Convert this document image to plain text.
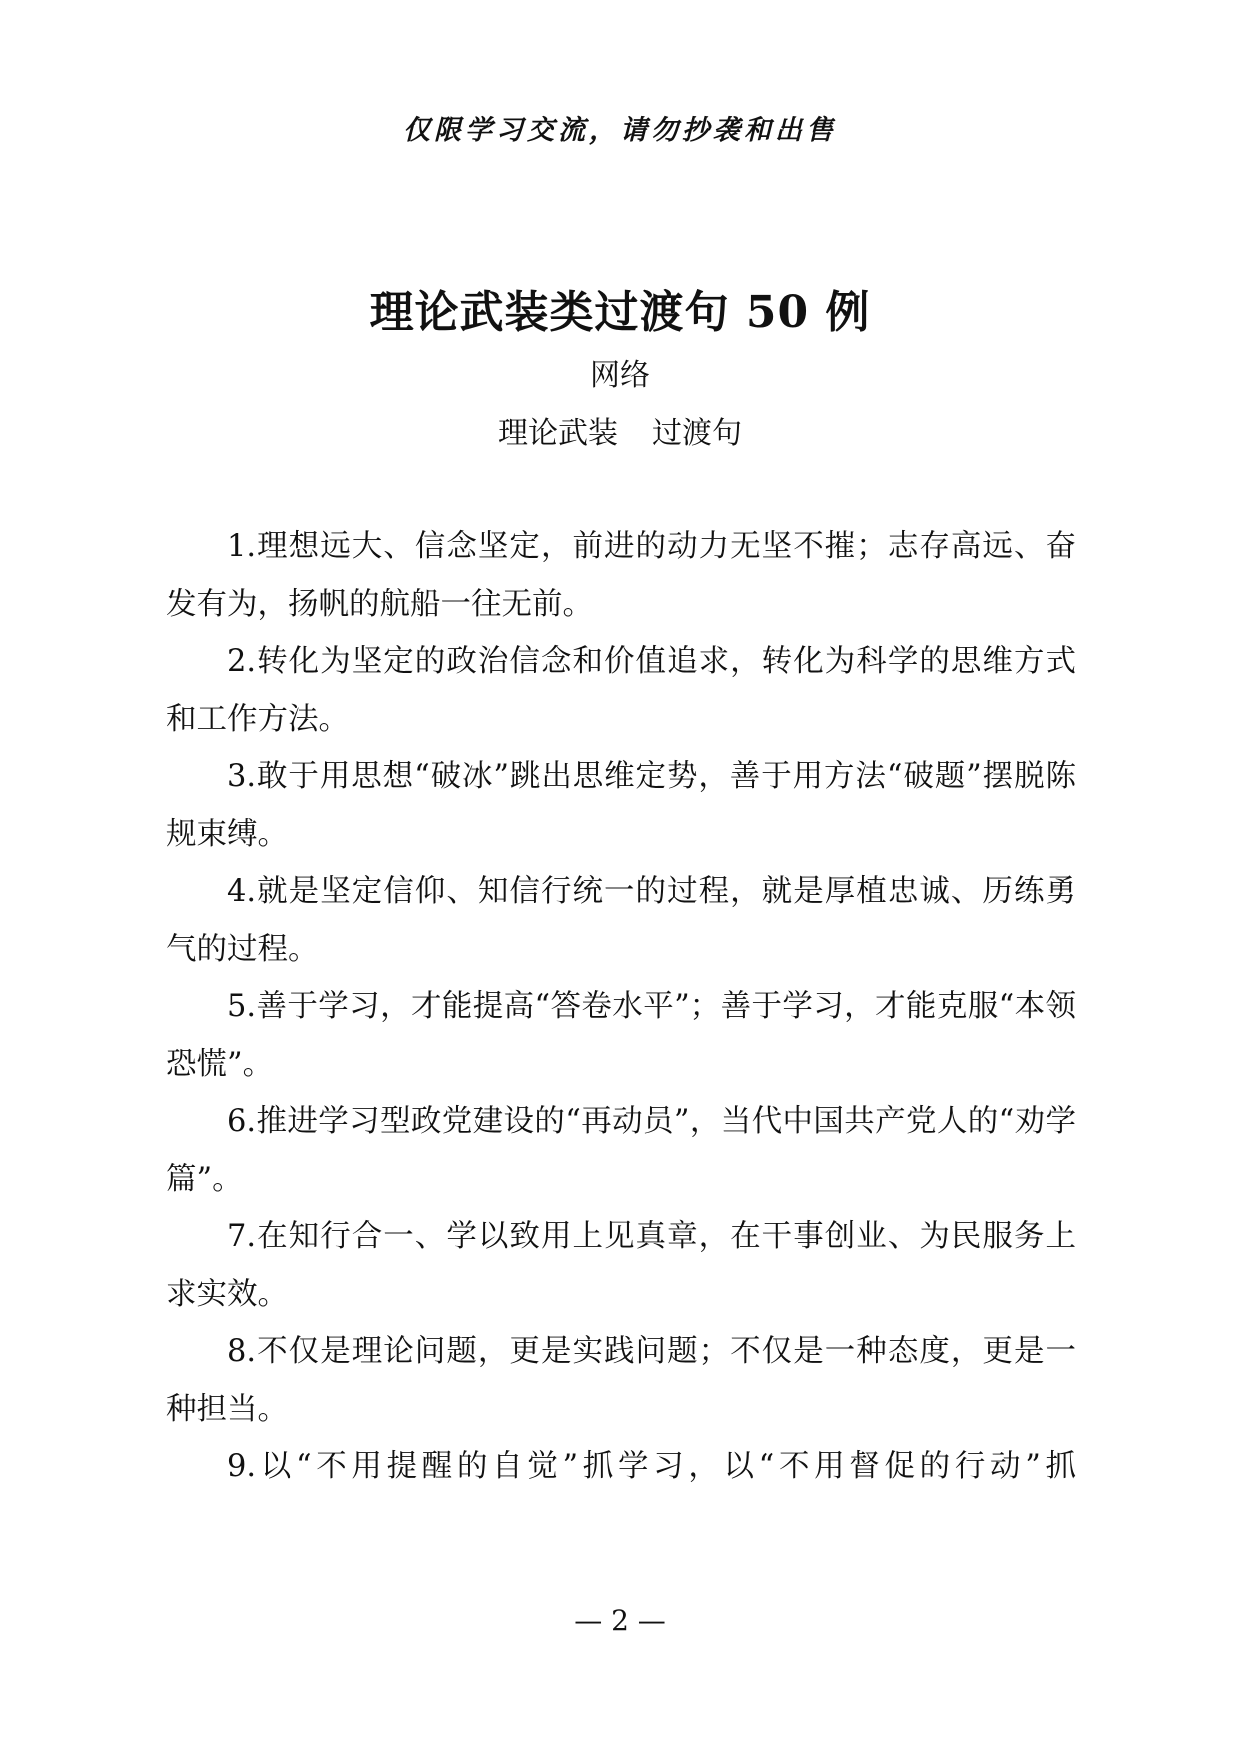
仅限学习交流，请勿抄袭和出售
理论武装类过渡句 50 例
网络
理论武装 过渡句

1.理想远大、信念坚定，前进的动力无坚不摧；志存高远、奋发有为，扬帆的航船一往无前。

2.转化为坚定的政治信念和价值追求，转化为科学的思维方式和工作方法。

3.敢于用思想“破冰”跳出思维定势，善于用方法“破题”摆脱陈规束缚。

4.就是坚定信仰、知信行统一的过程，就是厚植忠诚、历练勇气的过程。

5.善于学习，才能提高“答卷水平”；善于学习，才能克服“本领恐慌”。

6.推进学习型政党建设的“再动员”，当代中国共产党人的“劝学篇”。

7.在知行合一、学以致用上见真章，在干事创业、为民服务上求实效。

8.不仅是理论问题，更是实践问题；不仅是一种态度，更是一种担当。

9.以“不用提醒的自觉”抓学习，以“不用督促的行动”抓

— 2 —
